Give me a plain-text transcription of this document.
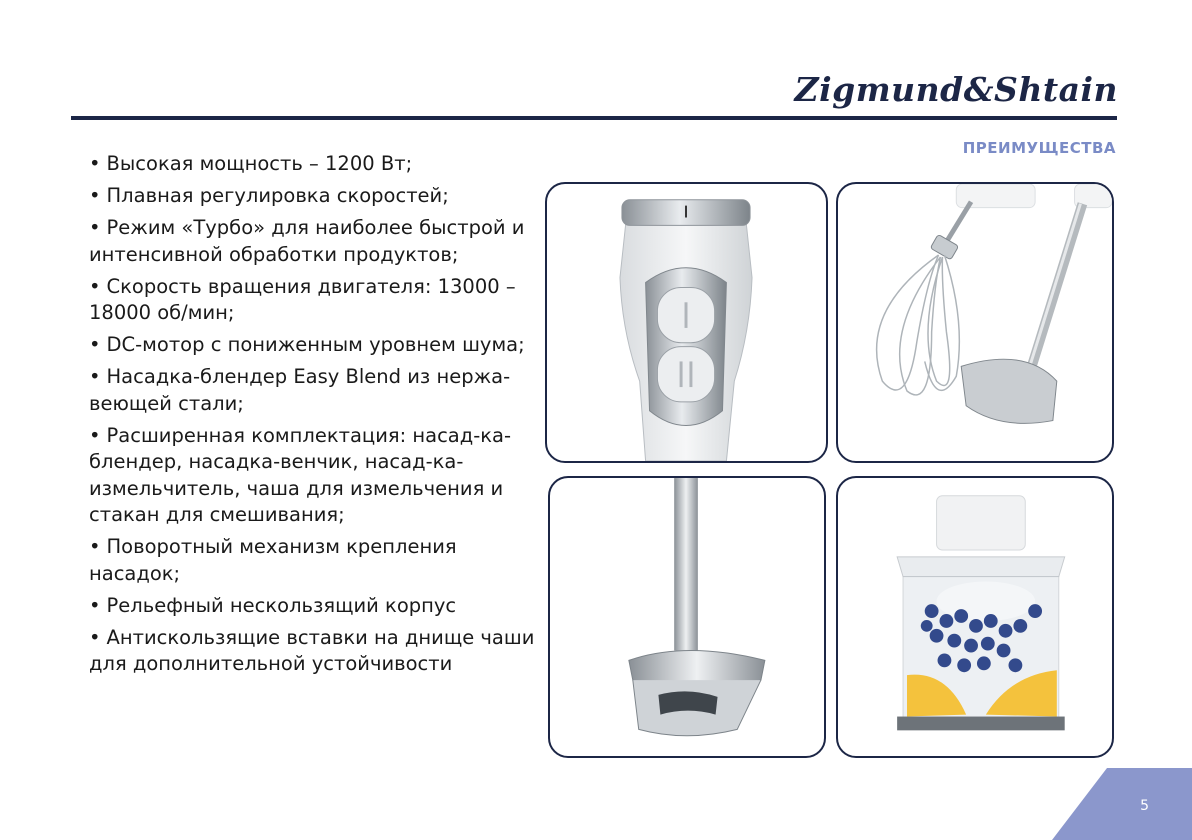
Zigmund&Shtain
ПРЕИМУЩЕСТВА
• Высокая мощность – 1200 Вт;
• Плавная регулировка скоростей;
• Режим «Турбо» для наиболее быстрой и интенсивной обработки продуктов;
• Скорость вращения двигателя: 13000 – 18000 об/мин;
• DC-мотор с пониженным уровнем шума;
• Насадка-блендер Easy Blend из нержа-веющей стали;
• Расширенная комплектация: насад-ка-блендер, насадка-венчик, насад-ка-измельчитель, чаша для измельчения и стакан для смешивания;
• Поворотный механизм крепления насадок;
• Рельефный нескользящий корпус
• Антискользящие вставки на днище чаши для дополнительной устойчивости
5
